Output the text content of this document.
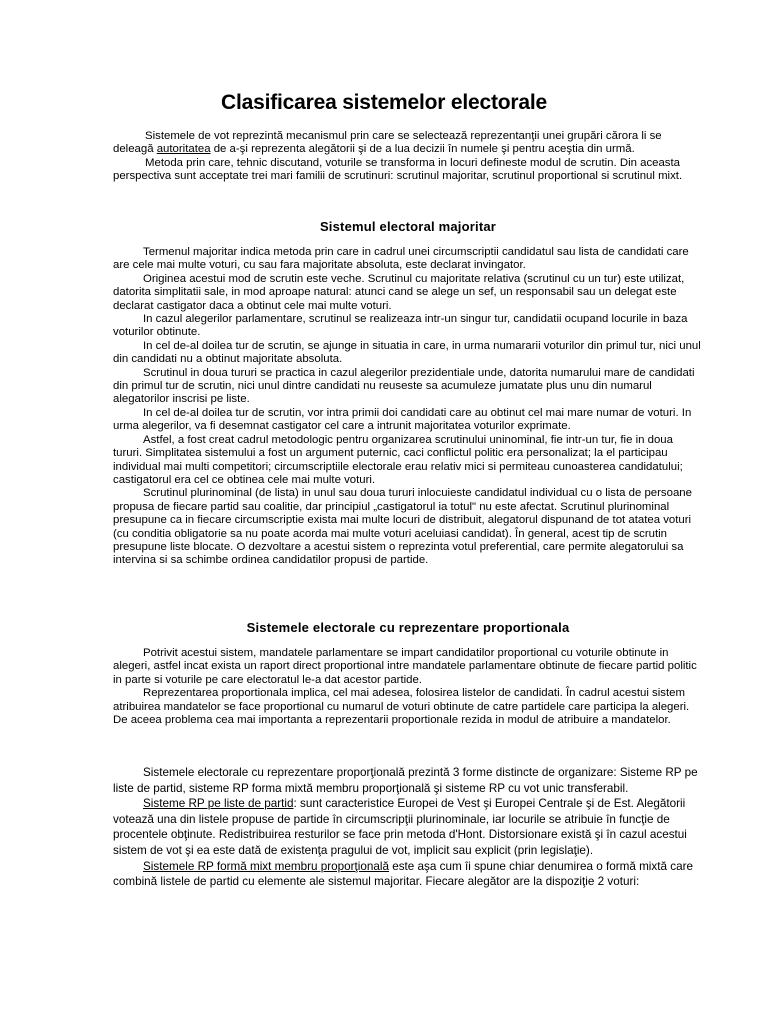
Clasificarea sistemelor electorale

Sistemele de vot reprezintă mecanismul prin care se selectează reprezentanţii unei grupări cărora li se deleagă autoritatea de a-şi reprezenta alegătorii şi de a lua decizii în numele şi pentru aceştia din urmă.

Metoda prin care, tehnic discutand, voturile se transforma in locuri defineste modul de scrutin. Din aceasta perspectiva sunt acceptate trei mari familii de scrutinuri: scrutinul majoritar, scrutinul proportional si scrutinul mixt.

Sistemul electoral majoritar

Termenul majoritar indica metoda prin care in cadrul unei circumscriptii candidatul sau lista de candidati care are cele mai multe voturi, cu sau fara majoritate absoluta, este declarat invingator.

Originea acestui mod de scrutin este veche. Scrutinul cu majoritate relativa (scrutinul cu un tur) este utilizat, datorita simplitatii sale, in mod aproape natural: atunci cand se alege un sef, un responsabil sau un delegat este declarat castigator daca a obtinut cele mai multe voturi.

In cazul alegerilor parlamentare, scrutinul se realizeaza intr-un singur tur, candidatii ocupand locurile in baza voturilor obtinute.

In cel de-al doilea tur de scrutin, se ajunge in situatia in care, in urma numararii voturilor din primul tur, nici unul din candidati nu a obtinut majoritate absoluta.

Scrutinul in doua tururi se practica in cazul alegerilor prezidentiale unde, datorita numarului mare de candidati din primul tur de scrutin, nici unul dintre candidati nu reuseste sa acumuleze jumatate plus unu din numarul alegatorilor inscrisi pe liste.

In cel de-al doilea tur de scrutin, vor intra primii doi candidati care au obtinut cel mai mare numar de voturi. In urma alegerilor, va fi desemnat castigator cel care a intrunit majoritatea voturilor exprimate.

Astfel, a fost creat cadrul metodologic pentru organizarea scrutinului uninominal, fie intr-un tur, fie in doua tururi. Simplitatea sistemului a fost un argument puternic, caci conflictul politic era personalizat; la el participau individual mai multi competitori; circumscriptiile electorale erau relativ mici si permiteau cunoasterea candidatului; castigatorul era cel ce obtinea cele mai multe voturi.

Scrutinul plurinominal (de lista) in unul sau doua tururi inlocuieste candidatul individual cu o lista de persoane propusa de fiecare partid sau coalitie, dar principiul „castigatorul ia totul" nu este afectat. Scrutinul plurinominal presupune ca in fiecare circumscriptie exista mai multe locuri de distribuit, alegatorul dispunand de tot atatea voturi (cu conditia obligatorie sa nu poate acorda mai multe voturi aceluiasi candidat). În general, acest tip de scrutin presupune liste blocate. O dezvoltare a acestui sistem o reprezinta votul preferential, care permite alegatorului sa intervina si sa schimbe ordinea candidatilor propusi de partide.

Sistemele electorale cu reprezentare proportionala

Potrivit acestui sistem, mandatele parlamentare se impart candidatilor proportional cu voturile obtinute in alegeri, astfel incat exista un raport direct proportional intre mandatele parlamentare obtinute de fiecare partid politic in parte si voturile pe care electoratul le-a dat acestor partide.

Reprezentarea proportionala implica, cel mai adesea, folosirea listelor de candidati. În cadrul acestui sistem atribuirea mandatelor se face proportional cu numarul de voturi obtinute de catre partidele care participa la alegeri. De aceea problema cea mai importanta a reprezentarii proportionale rezida in modul de atribuire a mandatelor.

Sistemele electorale cu reprezentare proporţională prezintă 3 forme distincte de organizare: Sisteme RP pe liste de partid, sisteme RP forma mixtă membru proporţională şi sisteme RP cu vot unic transferabil.

Sisteme RP pe liste de partid: sunt caracteristice Europei de Vest şi Europei Centrale şi de Est. Alegătorii votează una din listele propuse de partide în circumscripţii plurinominale, iar locurile se atribuie în funcţie de procentele obţinute. Redistribuirea resturilor se face prin metoda d'Hont. Distorsionare există şi în cazul acestui sistem de vot şi ea este dată de existenţa pragului de vot, implicit sau explicit (prin legislaţie).

Sistemele RP formă mixt membru proporţională este aşa cum îi spune chiar denumirea o formă mixtă care combină listele de partid cu elemente ale sistemul majoritar. Fiecare alegător are la dispoziţie 2 voturi:
